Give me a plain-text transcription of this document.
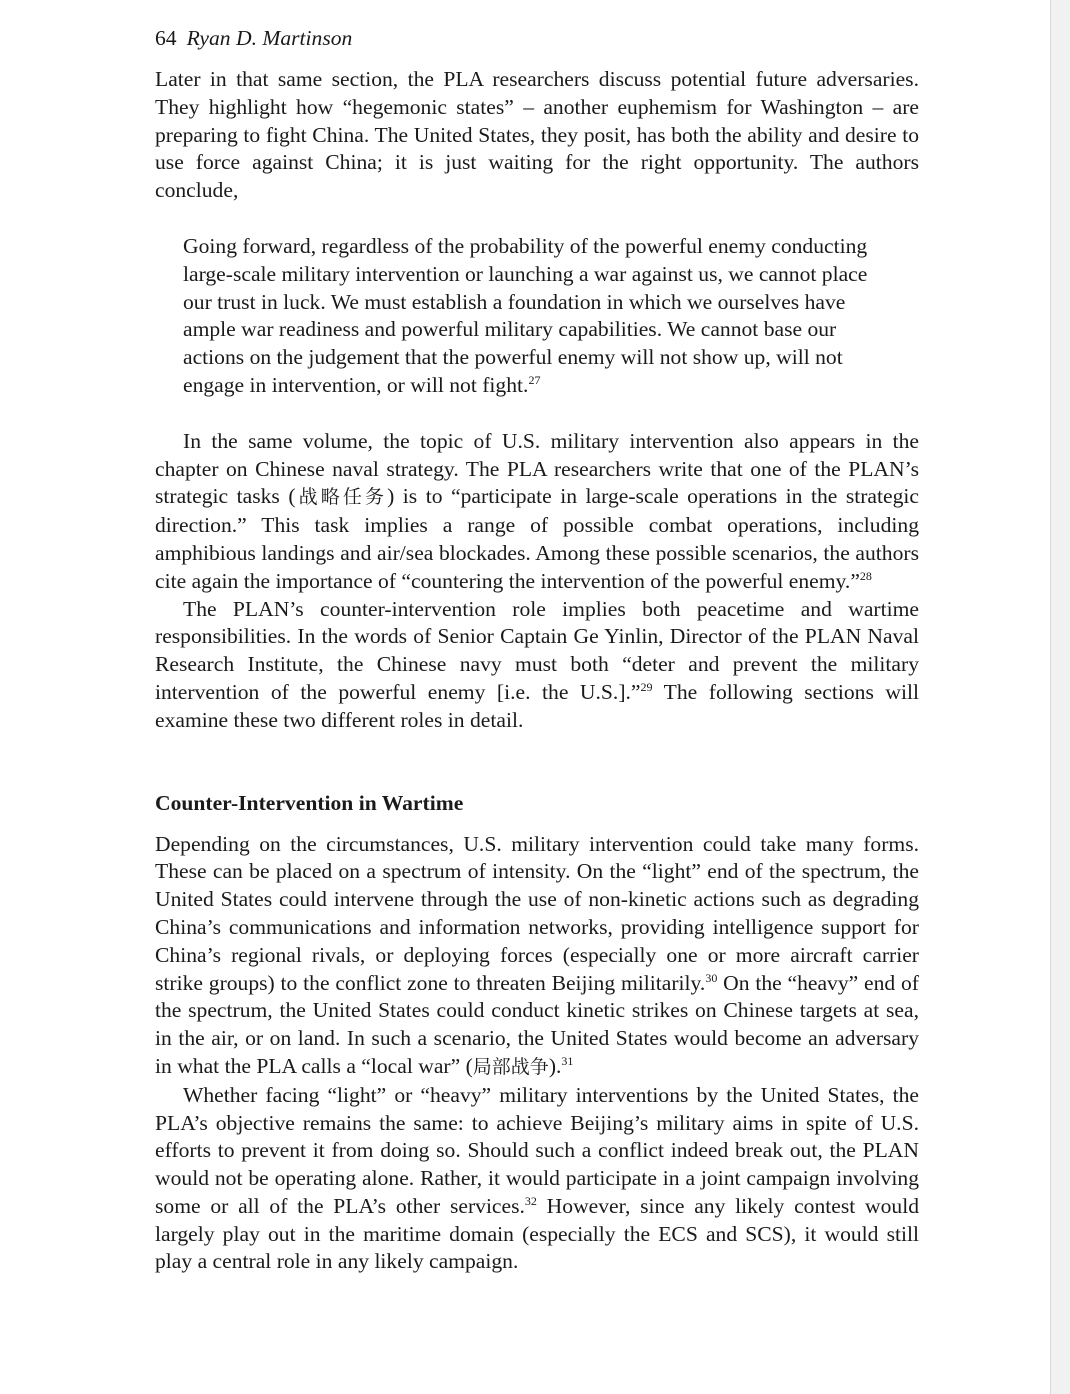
64 Ryan D. Martinson

Later in that same section, the PLA researchers discuss potential future adversaries. They highlight how “hegemonic states” – another euphemism for Washington – are preparing to fight China. The United States, they posit, has both the ability and desire to use force against China; it is just waiting for the right opportunity. The authors conclude,

Going forward, regardless of the probability of the powerful enemy conducting large-scale military intervention or launching a war against us, we cannot place our trust in luck. We must establish a foundation in which we ourselves have ample war readiness and powerful military capabilities. We cannot base our actions on the judgement that the powerful enemy will not show up, will not engage in intervention, or will not fight.$^{27}$

In the same volume, the topic of U.S. military intervention also appears in the chapter on Chinese naval strategy. The PLA researchers write that one of the PLAN’s strategic tasks (战略任务) is to “participate in large-scale operations in the strategic direction.” This task implies a range of possible combat operations, including amphibious landings and air/sea blockades. Among these possible scenarios, the authors cite again the importance of “countering the intervention of the powerful enemy.”$^{28}$

The PLAN’s counter-intervention role implies both peacetime and wartime responsibilities. In the words of Senior Captain Ge Yinlin, Director of the PLAN Naval Research Institute, the Chinese navy must both “deter and prevent the military intervention of the powerful enemy [i.e. the U.S.].”$^{29}$ The following sections will examine these two different roles in detail.

Counter-Intervention in Wartime

Depending on the circumstances, U.S. military intervention could take many forms. These can be placed on a spectrum of intensity. On the “light” end of the spectrum, the United States could intervene through the use of non-kinetic actions such as degrading China’s communications and information networks, providing intelligence support for China’s regional rivals, or deploying forces (especially one or more aircraft carrier strike groups) to the conflict zone to threaten Beijing militarily.$^{30}$ On the “heavy” end of the spectrum, the United States could conduct kinetic strikes on Chinese targets at sea, in the air, or on land. In such a scenario, the United States would become an adversary in what the PLA calls a “local war” (局部战争).$^{31}$

Whether facing “light” or “heavy” military interventions by the United States, the PLA’s objective remains the same: to achieve Beijing’s military aims in spite of U.S. efforts to prevent it from doing so. Should such a conflict indeed break out, the PLAN would not be operating alone. Rather, it would participate in a joint campaign involving some or all of the PLA’s other services.$^{32}$ However, since any likely contest would largely play out in the maritime domain (especially the ECS and SCS), it would still play a central role in any likely campaign.
